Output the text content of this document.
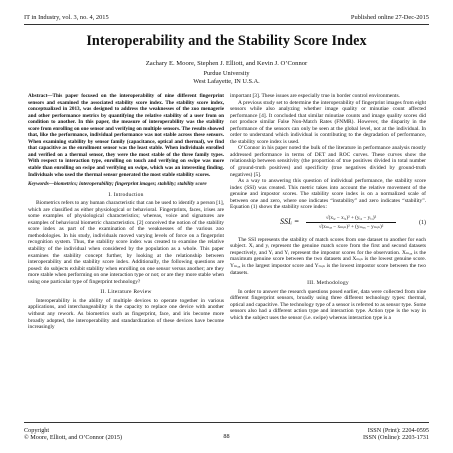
IT in Industry, vol. 3, no. 4, 2015	Published online 27-Dec-2015
Interoperability and the Stability Score Index
Zachary E. Moore, Stephen J. Elliott, and Kevin J. O’Connor
Purdue University
West Lafayette, IN U.S.A.

Abstract—This paper focused on the interoperability of nine different fingerprint sensors and examined the associated stability score index. The stability score index, conceptualized in 2013, was designed to address the weaknesses of the zoo menagerie and other performance metrics by quantifying the relative stability of a user from on condition to another. In this paper, the measure of interoperability was the stability score from enrolling on one sensor and verifying on multiple sensors. The results showed that, like the performance, individual performance was not stable across these sensors. When examining stability by sensor family (capacitance, optical and thermal), we find that capacitive as the enrollment sensor was the least stable. When individuals enrolled and verified on a thermal sensor, they were the most stable of the three family types. With respect to interaction type, enrolling on touch and verifying on swipe was more stable than enrolling on swipe and verifying on swipe, which was an interesting finding. Individuals who used the thermal sensor generated the most stable stability scores.

Keywords—biometrics; interoperability; fingerprint images; stability; stability score

I. Introduction

Biometrics refers to any human characteristic that can be used to identify a person [1], which are classified as either physiological or behavioral. Fingerprints, faces, irises are some examples of physiological characteristics; whereas, voice and signatures are examples of behavioral biometric characteristics. [2] conceived the notion of the stability score index as part of the examination of the weaknesses of the various zoo methodologies. In his study, individuals moved varying levels of force on a fingerprint recognition system. Thus, the stability score index was created to examine the relative stability of the individual when considered by the population as a whole. This paper examines the stability concept further, by looking at the relationship between interoperability and the stability score index. Additionally, the following questions are posed: do subjects exhibit stability when enrolling on one sensor versus another; are they more stable when performing on one interaction type or not; or are they more stable when using one particular type of fingerprint technology?

II. Literature Review

Interoperability is the ability of multiple devices to operate together in various applications, and interchangeability is the capacity to replace one device with another without any rework. As biometrics such as fingerprint, face, and iris become more broadly adopted, the interoperability and standardization of these devices have become increasingly

important [3]. These issues are especially true in border control environments.

A previous study set to determine the interoperability of fingerprint images from eight sensors while also analyzing whether image quality or minutiae count affected performance [4]. It concluded that similar minutiae counts and image quality scores did not produce similar False Non-Match Rates (FNMR). However, the disparity in the performance of the sensors can only be seen at the global level, not at the individual. In order to understand which individual is contributing to the degradation of performance, the stability score index is used.

O’Connor in his paper noted the bulk of the literature in performance analysis mostly addressed performance in terms of DET and ROC curves. These curves show the relationship between sensitivity (the proportion of true positives divided in total number of ground-truth positives) and specificity (true negatives divided by ground-truth negatives) [5].

As a way to answering this question of individual performance, the stability score index (SSI) was created. This metric takes into account the relative movement of the genuine and impostor scores. The stability score index is on a normalized scale of between one and zero, where one indicates “instability” and zero indicates “stability”. Equation (1) shows the stability score index:

SSIᵢ =	√(xᵢ₂ − xᵢ₁)² + (yᵢ₂ − yᵢ₁)²
√(xₘₐₓ − xₘᵢₙ)² + (yₘₐₓ − yₘᵢₙ)²
(1)

The SSI represents the stability of match scores from one dataset to another for each subject. Xᵢ and yᵢ represent the genuine match score from the first and second datasets respectively, and Yᵢ and Yᵢ represent the impostor scores for the observation. Xₘₐₓ is the maximum genuine score between the two datasets and Xₘᵢₙ is the lowest genuine score. Yₘₐₓ is the largest impostor score and Yₘᵢₙ is the lowest impostor score between the two datasets.

III. Methodology

In order to answer the research questions posed earlier, data were collected from nine different fingerprint sensors, broadly using three different technology types: thermal, optical and capacitive. The technology type of a sensor is referred to as sensor type. Some sensors also had a different action type and interaction type. Action type is the way in which the subject uses the sensor (i.e. swipe) whereas interaction type is a

Copyright
© Moore, Elliott, and O’Connor (2015)	88
ISSN (Print): 2204-0595
ISSN (Online): 2203-1731
